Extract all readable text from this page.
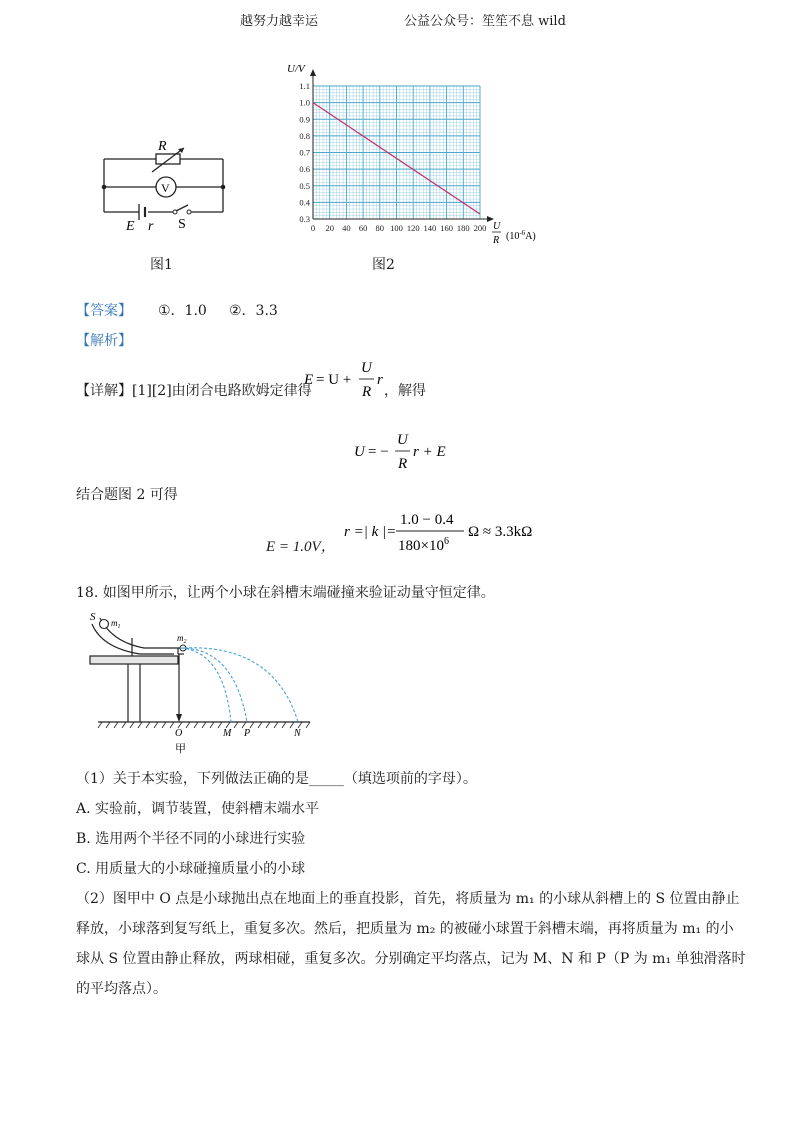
越努力越幸运	公益公众号：笙笙不息 wild
R
V
E r S
图1
0 20 40 60 80 100 120 140 160 180 200
0.3
0.4
0.5
0.6
0.7
0.8
0.9
1.0
1.1
U/V
U
R $(10^{-6}A)$
图2
【答案】 ①．1.0 ②．3.3
【解析】
【详解】[1][2]由闭合电路欧姆定律得
E = U +
U
R
r
，解得
U = −
U
R
r + E
结合题图 2 可得
E = 1.0V，
r =| k |=
1.0 − 0.4
$180\times 10^6$
Ω ≈ 3.3kΩ
18. 如图甲所示，让两个小球在斜槽末端碰撞来验证动量守恒定律。
S $m_1$
$m_2$
O	M P	N
甲
（1）关于本实验，下列做法正确的是_____（填选项前的字母）。
A. 实验前，调节装置，使斜槽末端水平
B. 选用两个半径不同的小球进行实验
C. 用质量大的小球碰撞质量小的小球
（2）图甲中 O 点是小球抛出点在地面上的垂直投影，首先，将质量为 m₁ 的小球从斜槽上的 S 位置由静止
释放，小球落到复写纸上，重复多次。然后，把质量为 m₂ 的被碰小球置于斜槽末端，再将质量为 m₁ 的小
球从 S 位置由静止释放，两球相碰，重复多次。分别确定平均落点，记为 M、N 和 P（P 为 m₁ 单独滑落时
的平均落点）。
